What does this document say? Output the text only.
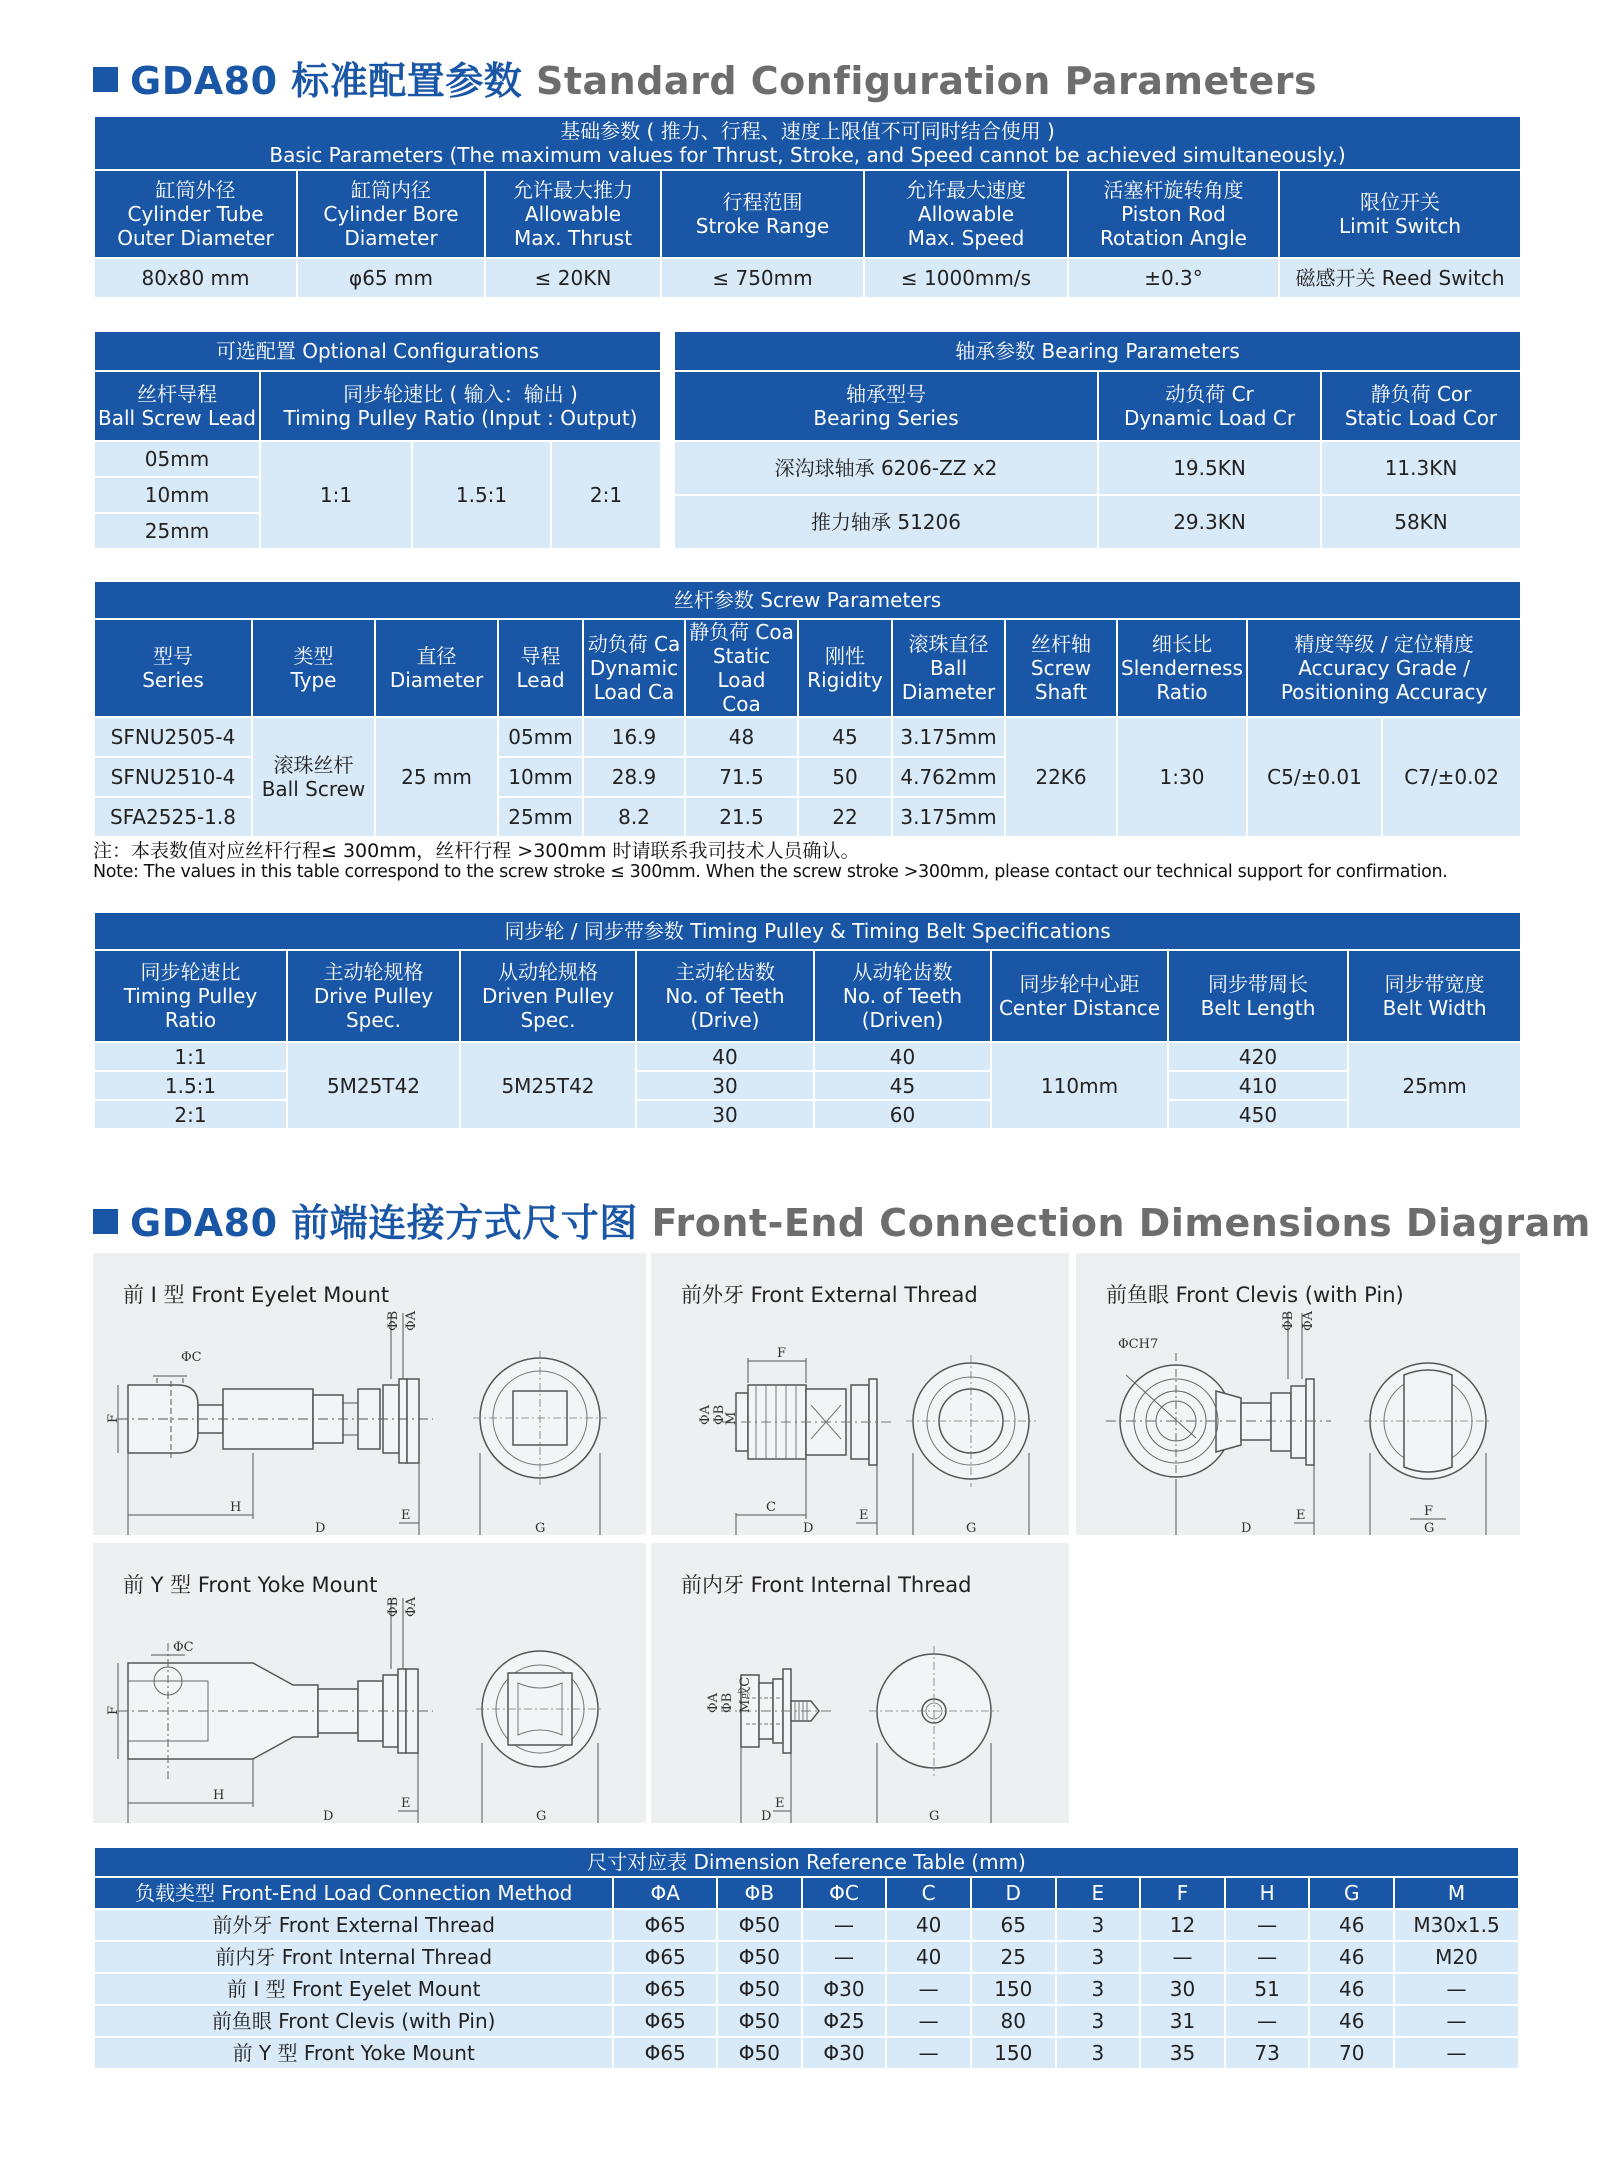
GDA80 标准配置参数 Standard Configuration Parameters
基础参数 ( 推力、行程、速度上限值不可同时结合使用 )
Basic Parameters (The maximum values for Thrust, Stroke, and Speed cannot be achieved simultaneously.)						

缸筒外径
Cylinder Tube
Outer Diameter	缸筒内径
Cylinder Bore
Diameter	允许最大推力
Allowable
Max. Thrust	行程范围
Stroke Range	允许最大速度
Allowable
Max. Speed	活塞杆旋转角度
Piston Rod
Rotation Angle	限位开关
Limit Switch

80x80 mm	φ65 mm	≤ 20KN	≤ 750mm	≤ 1000mm/s	±0.3°	磁感开关 Reed Switch
可选配置 Optional Configurations			

丝杆导程
Ball Screw Lead	同步轮速比 ( 输入：输出 )
Timing Pulley Ratio (Input : Output)		

05mm	1:1	1.5:1	2:1
10mm			
25mm			
轴承参数 Bearing Parameters		

轴承型号
Bearing Series	动负荷 Cr
Dynamic Load Cr	静负荷 Cor
Static Load Cor

深沟球轴承 6206-ZZ x2	19.5KN	11.3KN
推力轴承 51206	29.3KN	58KN
丝杆参数 Screw Parameters											

型号
Series	类型
Type	直径
Diameter	导程
Lead	动负荷 Ca
Dynamic
Load Ca	静负荷 Coa
Static Load
Coa	刚性
Rigidity	滚珠直径
Ball
Diameter	丝杆轴
Screw
Shaft	细长比
Slenderness
Ratio	精度等级 / 定位精度
Accuracy Grade /
Positioning Accuracy	

SFNU2505-4	滚珠丝杆
Ball Screw	25 mm	05mm	16.9	48	45	3.175mm	22K6	1:30	C5/±0.01	C7/±0.02
SFNU2510-4			10mm	28.9	71.5	50	4.762mm				
SFA2525-1.8			25mm	8.2	21.5	22	3.175mm				
注：本表数值对应丝杆行程≤ 300mm，丝杆行程 >300mm 时请联系我司技术人员确认。
Note: The values in this table correspond to the screw stroke ≤ 300mm. When the screw stroke >300mm, please contact our technical support for confirmation.
同步轮 / 同步带参数 Timing Pulley & Timing Belt Specifications							

同步轮速比
Timing Pulley
Ratio	主动轮规格
Drive Pulley
Spec.	从动轮规格
Driven Pulley
Spec.	主动轮齿数
No. of Teeth
(Drive)	从动轮齿数
No. of Teeth
(Driven)	同步轮中心距
Center Distance	同步带周长
Belt Length	同步带宽度
Belt Width

1:1	5M25T42	5M25T42	40	40	110mm	420	25mm
1.5:1			30	45		410	
2:1			30	60		450	
GDA80 前端连接方式尺寸图 Front-End Connection Dimensions Diagram
前 I 型 Front Eyelet Mount
ΦC
F
H
D
E
G
ΦB ΦA
前外牙 Front External Thread
F
ΦA ΦB
M
C
D
E
G
前鱼眼 Front Clevis (with Pin)
ΦCH7
ΦB ΦA
D
E	F
G
前 Y 型 Front Yoke Mount
ΦC
F
H
D
E
G
ΦB ΦA
前内牙 Front Internal Thread
ΦA ΦB M或C
D
E
G
尺寸对应表 Dimension Reference Table (mm)										
负载类型 Front-End Load Connection Method	ΦA	ΦB	ΦC	C	D	E	F	H	G	M
前外牙 Front External Thread	Φ65	Φ50	—	40	65	3	12	—	46	M30x1.5
前内牙 Front Internal Thread	Φ65	Φ50	—	40	25	3	—	—	46	M20
前 I 型 Front Eyelet Mount	Φ65	Φ50	Φ30	—	150	3	30	51	46	—
前鱼眼 Front Clevis (with Pin)	Φ65	Φ50	Φ25	—	80	3	31	—	46	—
前 Y 型 Front Yoke Mount	Φ65	Φ50	Φ30	—	150	3	35	73	70	—
